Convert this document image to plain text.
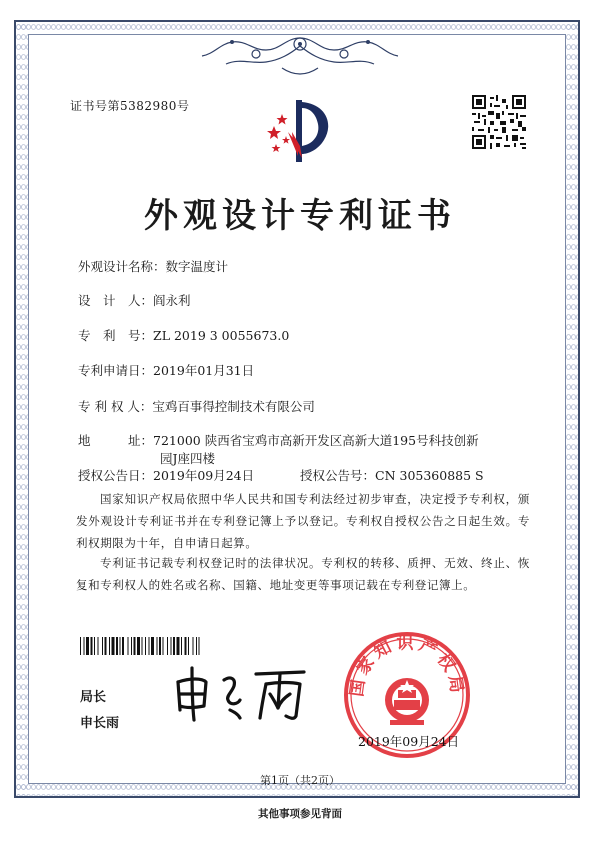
证书号第5382980号
外观设计专利证书
外观设计名称：数字温度计
设　计　人：阎永利
专　利　号：ZL 2019 3 0055673.0
专利申请日：2019年01月31日
专 利 权 人：宝鸡百事得控制技术有限公司
地　　　址：721000 陕西省宝鸡市高新开发区高新大道195号科技创新
园J座四楼
授权公告日：2019年09月24日	授权公告号：CN 305360885 S
国家知识产权局依照中华人民共和国专利法经过初步审查，决定授予专利权，颁发外观设计专利证书并在专利登记簿上予以登记。专利权自授权公告之日起生效。专利权期限为十年，自申请日起算。
专利证书记载专利权登记时的法律状况。专利权的转移、质押、无效、终止、恢复和专利权人的姓名或名称、国籍、地址变更等事项记载在专利登记簿上。
局长
申长雨
国家知识产权局
2019年09月24日
第1页（共2页）
其他事项参见背面
